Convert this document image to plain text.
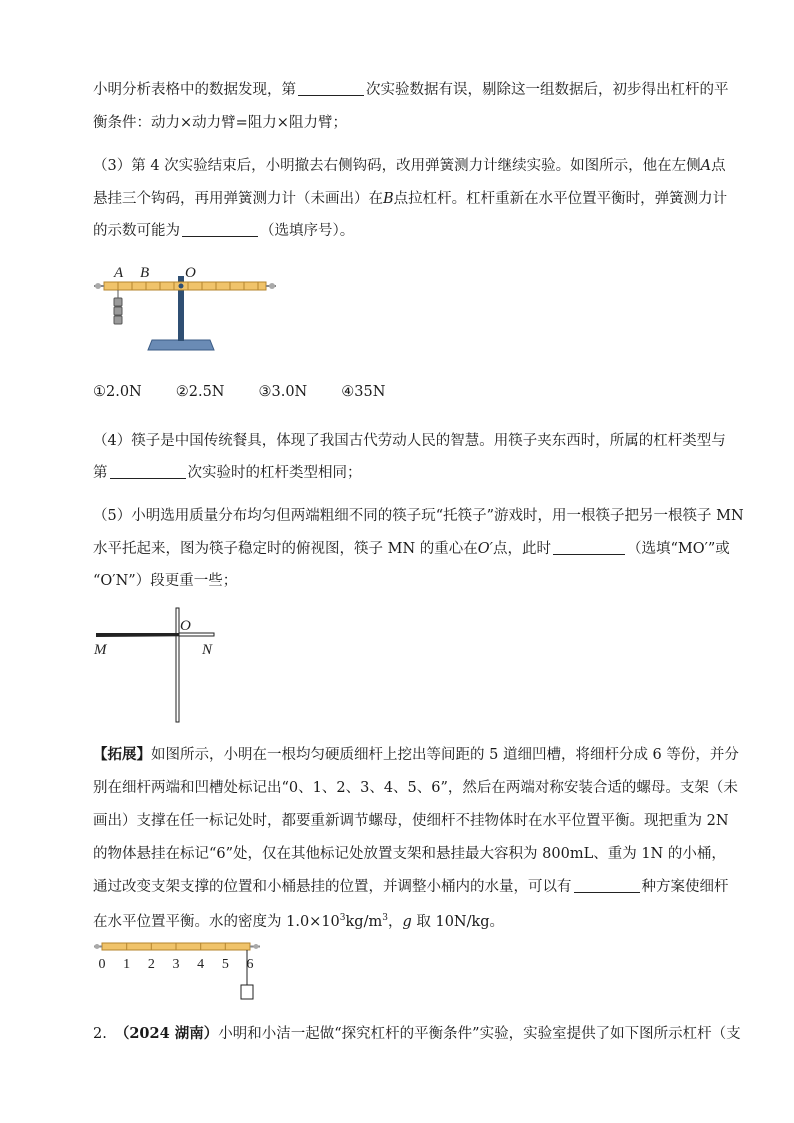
小明分析表格中的数据发现，第	次实验数据有误，剔除这一组数据后，初步得出杠杆的平
衡条件：动力×动力臂=阻力×阻力臂；
（3）第 4 次实验结束后，小明撤去右侧钩码，改用弹簧测力计继续实验。如图所示，他在左侧A点
悬挂三个钩码，再用弹簧测力计（未画出）在B点拉杠杆。杠杆重新在水平位置平衡时，弹簧测力计
的示数可能为	（选填序号）。
A B O
①2.0N ②2.5N ③3.0N ④35N
（4）筷子是中国传统餐具，体现了我国古代劳动人民的智慧。用筷子夹东西时，所属的杠杆类型与
第	次实验时的杠杆类型相同；
（5）小明选用质量分布均匀但两端粗细不同的筷子玩“托筷子”游戏时，用一根筷子把另一根筷子 MN
水平托起来，图为筷子稳定时的俯视图，筷子 MN 的重心在O′点，此时	（选填“MO′”或
“O′N”）段更重一些；
O
M	N
【拓展】如图所示，小明在一根均匀硬质细杆上挖出等间距的 5 道细凹槽，将细杆分成 6 等份，并分
别在细杆两端和凹槽处标记出“0、1、2、3、4、5、6”，然后在两端对称安装合适的螺母。支架（未
画出）支撑在任一标记处时，都要重新调节螺母，使细杆不挂物体时在水平位置平衡。现把重为 2N
的物体悬挂在标记“6”处，仅在其他标记处放置支架和悬挂最大容积为 800mL、重为 1N 的小桶，
通过改变支架支撑的位置和小桶悬挂的位置，并调整小桶内的水量，可以有	种方案使细杆
在水平位置平衡。水的密度为 $1.0\times 10^3kg/m^3$，g 取 10N/kg。
0 1 2 3 4 5 6
2. （2024 湖南）小明和小洁一起做“探究杠杆的平衡条件”实验，实验室提供了如下图所示杠杆（支
